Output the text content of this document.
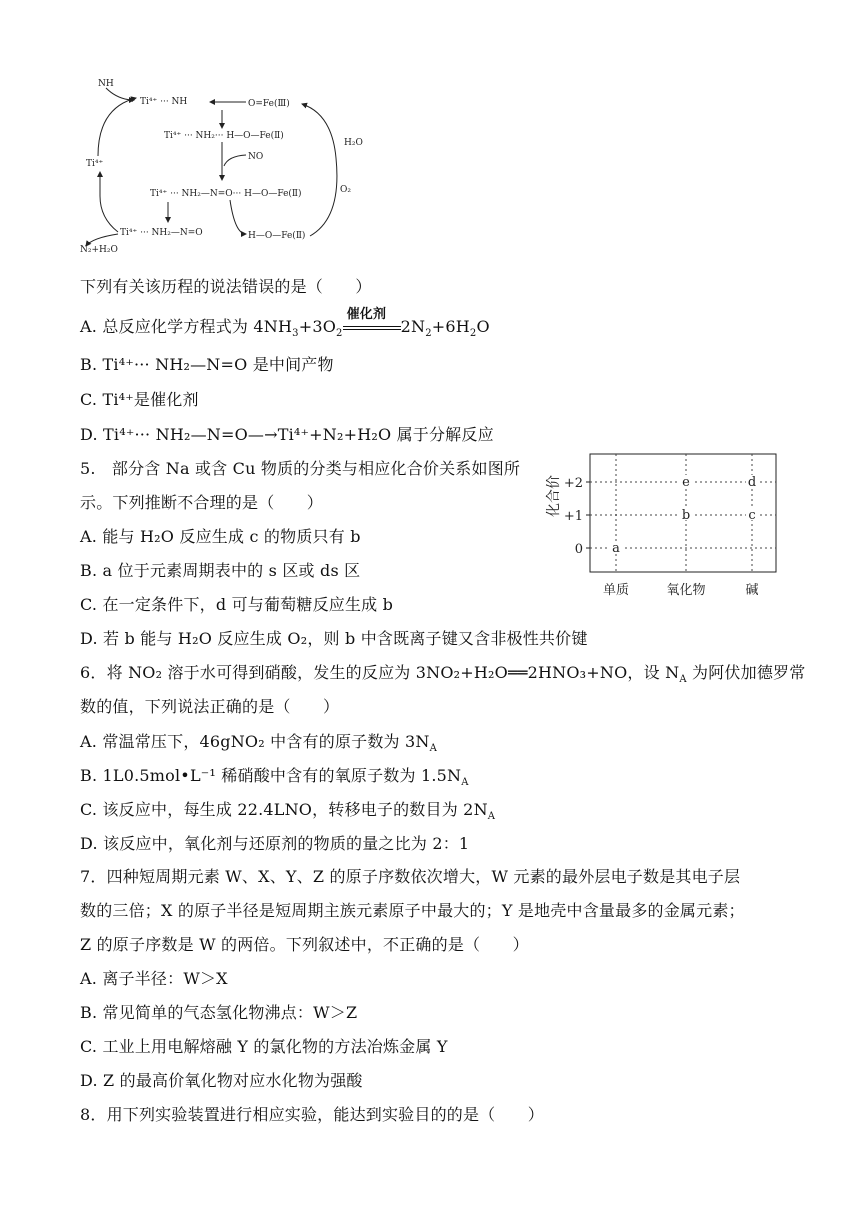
NH
Ti⁴⁺ ··· NH	O=Fe(Ⅲ)
Ti⁴⁺ ··· NH₂··· H—O—Fe(Ⅱ)
NO
H₂O
Ti⁴⁺
O₂
Ti⁴⁺ ··· NH₂—N=O··· H—O—Fe(Ⅱ)
Ti⁴⁺ ··· NH₂—N=O	H—O—Fe(Ⅱ)
N₂+H₂O
下列有关该历程的说法错误的是（　　）
A. 总反应化学方程式为 $4NH_3+3O_2$
催化剂
$2N_2+6H_2O$
B. Ti⁴⁺··· NH₂—N=O 是中间产物
C. Ti⁴⁺是催化剂
D. Ti⁴⁺··· NH₂—N=O—→Ti⁴⁺+N₂+H₂O 属于分解反应
5.　部分含 Na 或含 Cu 物质的分类与相应化合价关系如图所
示。下列推断不合理的是（　　）
A. 能与 H₂O 反应生成 c 的物质只有 b
B. a 位于元素周期表中的 s 区或 ds 区
C. 在一定条件下，d 可与葡萄糖反应生成 b
D. 若 b 能与 H₂O 反应生成 O₂，则 b 中含既离子键又含非极性共价键
化合价 +2
+1
0
单质	氧化物	碱
a
b
e
c
d
6．将 NO₂ 溶于水可得到硝酸，发生的反应为 3NO₂+H₂O══2HNO₃+NO，设 $N_A$ 为阿伏加德罗常
数的值，下列说法正确的是（　　）
A. 常温常压下，46gNO₂ 中含有的原子数为 $3N_A$
B. 1L0.5mol•L⁻¹ 稀硝酸中含有的氧原子数为 $1.5N_A$
C. 该反应中，每生成 22.4LNO，转移电子的数目为 $2N_A$
D. 该反应中，氧化剂与还原剂的物质的量之比为 2：1
7．四种短周期元素 W、X、Y、Z 的原子序数依次增大，W 元素的最外层电子数是其电子层
数的三倍；X 的原子半径是短周期主族元素原子中最大的；Y 是地壳中含量最多的金属元素；
Z 的原子序数是 W 的两倍。下列叙述中，不正确的是（　　）
A. 离子半径：W＞X
B. 常见简单的气态氢化物沸点：W＞Z
C. 工业上用电解熔融 Y 的氯化物的方法冶炼金属 Y
D. Z 的最高价氧化物对应水化物为强酸
8．用下列实验装置进行相应实验，能达到实验目的的是（　　）
